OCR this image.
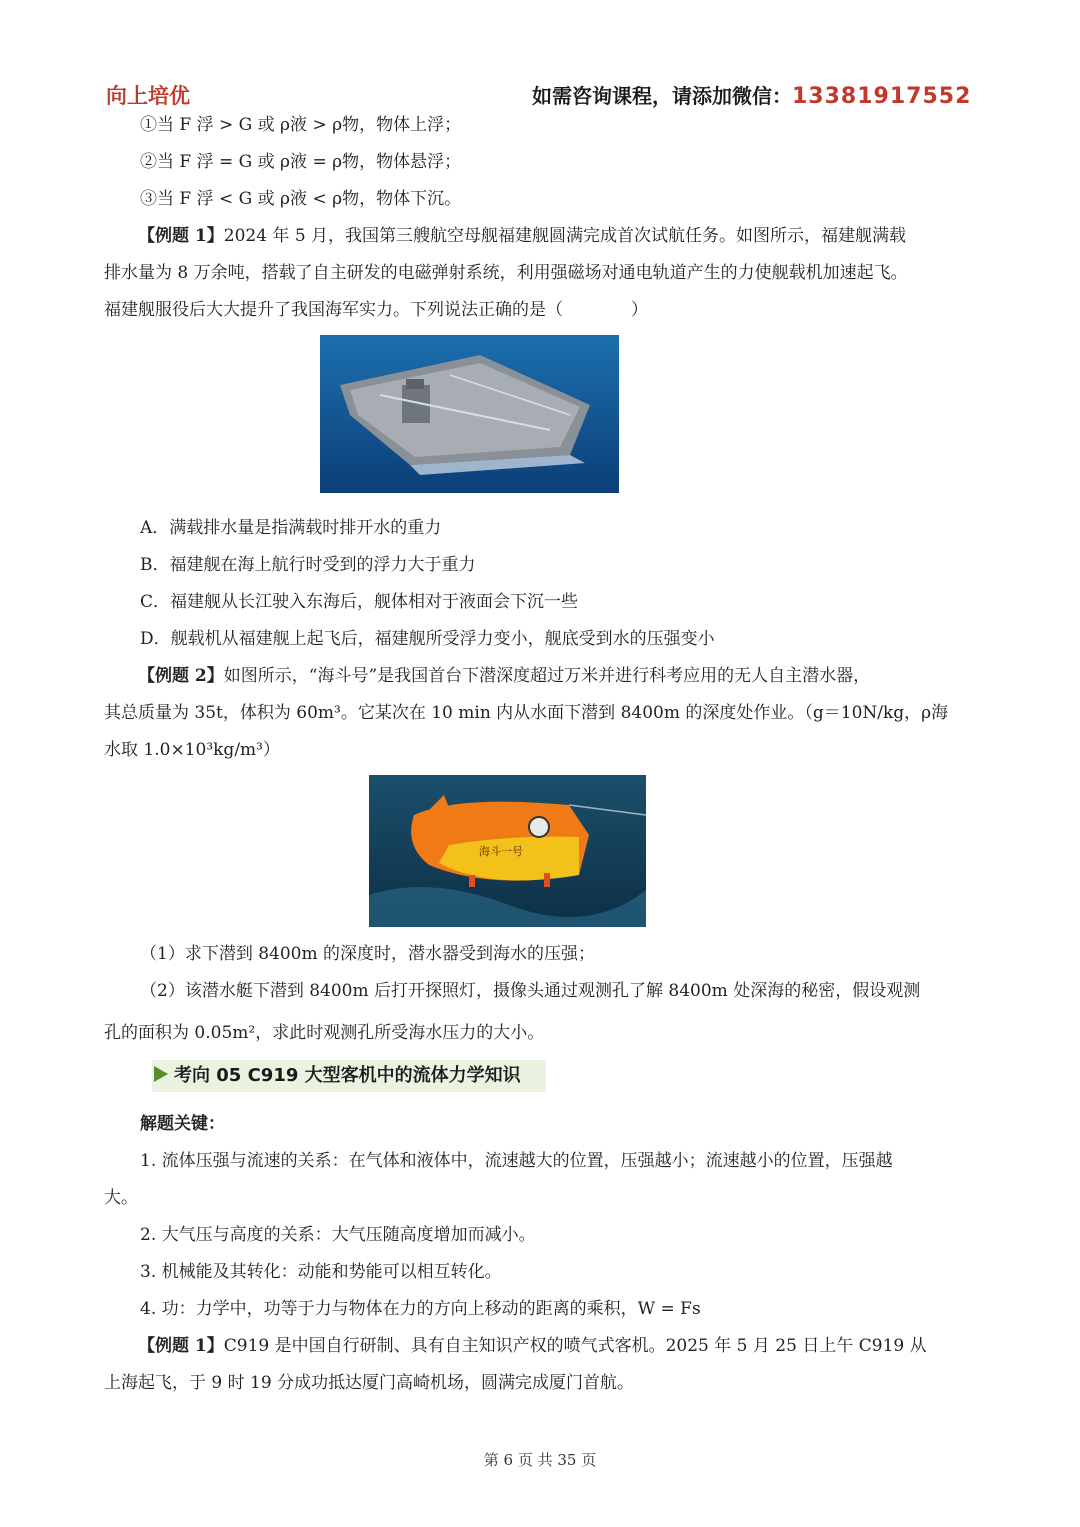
向上培优	如需咨询课程，请添加微信：13381917552
①当 F 浮 > G 或 ρ液 > ρ物，物体上浮；
②当 F 浮 = G 或 ρ液 = ρ物，物体悬浮；
③当 F 浮 < G 或 ρ液 < ρ物，物体下沉。
【例题 1】2024 年 5 月，我国第三艘航空母舰福建舰圆满完成首次试航任务。如图所示，福建舰满载
排水量为 8 万余吨，搭载了自主研发的电磁弹射系统，利用强磁场对通电轨道产生的力使舰载机加速起飞。
福建舰服役后大大提升了我国海军实力。下列说法正确的是（　　　　）
A．满载排水量是指满载时排开水的重力
B．福建舰在海上航行时受到的浮力大于重力
C．福建舰从长江驶入东海后，舰体相对于液面会下沉一些
D．舰载机从福建舰上起飞后，福建舰所受浮力变小，舰底受到水的压强变小
【例题 2】如图所示，“海斗号”是我国首台下潜深度超过万米并进行科考应用的无人自主潜水器，
其总质量为 35t，体积为 60m³。它某次在 10 min 内从水面下潜到 8400m 的深度处作业。（g＝10N/kg，ρ海
水取 1.0×10³kg/m³）
海斗一号
（1）求下潜到 8400m 的深度时，潜水器受到海水的压强；
（2）该潜水艇下潜到 8400m 后打开探照灯，摄像头通过观测孔了解 8400m 处深海的秘密，假设观测
孔的面积为 0.05m²，求此时观测孔所受海水压力的大小。
考向 05 C919 大型客机中的流体力学知识
解题关键：
1. 流体压强与流速的关系：在气体和液体中，流速越大的位置，压强越小；流速越小的位置，压强越
大。
2. 大气压与高度的关系：大气压随高度增加而减小。
3. 机械能及其转化：动能和势能可以相互转化。
4. 功：力学中，功等于力与物体在力的方向上移动的距离的乘积，W = Fs
【例题 1】C919 是中国自行研制、具有自主知识产权的喷气式客机。2025 年 5 月 25 日上午 C919 从
上海起飞，于 9 时 19 分成功抵达厦门高崎机场，圆满完成厦门首航。
第 6 页 共 35 页
